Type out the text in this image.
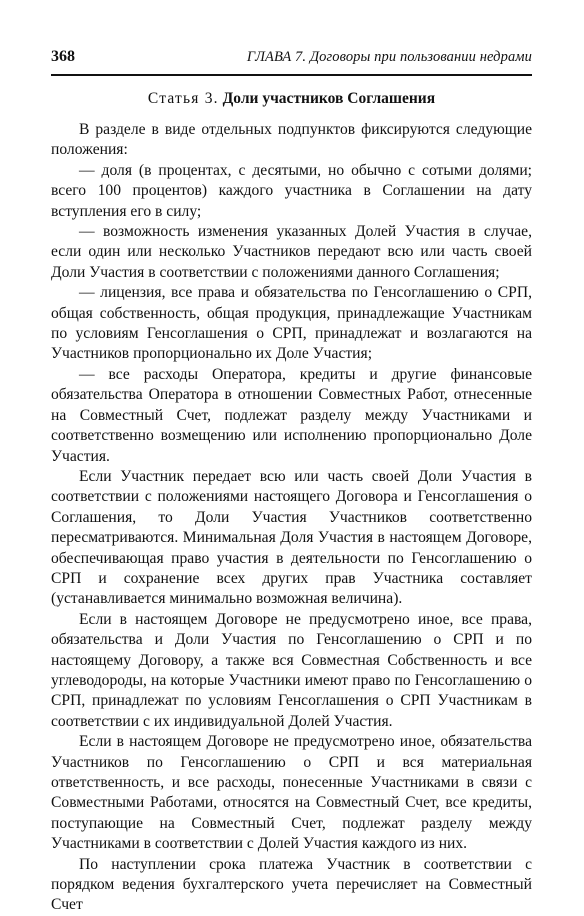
368	ГЛАВА 7. Договоры при пользовании недрами
Статья 3. Доли участников Соглашения

В разделе в виде отдельных подпунктов фиксируются следующие положения:

— доля (в процентах, с десятыми, но обычно с сотыми долями; всего 100 процентов) каждого участника в Соглашении на дату вступления его в силу;

— возможность изменения указанных Долей Участия в случае, если один или несколько Участников передают всю или часть своей Доли Участия в соответствии с положениями данного Соглашения;

— лицензия, все права и обязательства по Генсоглашению о СРП, общая собственность, общая продукция, принадлежащие Участникам по условиям Генсоглашения о СРП, принадлежат и возлагаются на Участников пропорционально их Доле Участия;

— все расходы Оператора, кредиты и другие финансовые обязательства Оператора в отношении Совместных Работ, отнесенные на Совместный Счет, подлежат разделу между Участниками и соответственно возмещению или исполнению пропорционально Доле Участия.

Если Участник передает всю или часть своей Доли Участия в соответствии с положениями настоящего Договора и Генсоглашения о Соглашения, то Доли Участия Участников соответственно пересматриваются. Минимальная Доля Участия в настоящем Договоре, обеспечивающая право участия в деятельности по Генсоглашению о СРП и сохранение всех других прав Участника составляет (устанавливается минимально возможная величина).

Если в настоящем Договоре не предусмотрено иное, все права, обязательства и Доли Участия по Генсоглашению о СРП и по настоящему Договору, а также вся Совместная Собственность и все углеводороды, на которые Участники имеют право по Генсоглашению о СРП, принадлежат по условиям Генсоглашения о СРП Участникам в соответствии с их индивидуальной Долей Участия.

Если в настоящем Договоре не предусмотрено иное, обязательства Участников по Генсоглашению о СРП и вся материальная ответственность, и все расходы, понесенные Участниками в связи с Совместными Работами, относятся на Совместный Счет, все кредиты, поступающие на Совместный Счет, подлежат разделу между Участниками в соответствии с Долей Участия каждого из них.

По наступлении срока платежа Участник в соответствии с порядком ведения бухгалтерского учета перечисляет на Совместный Счет
